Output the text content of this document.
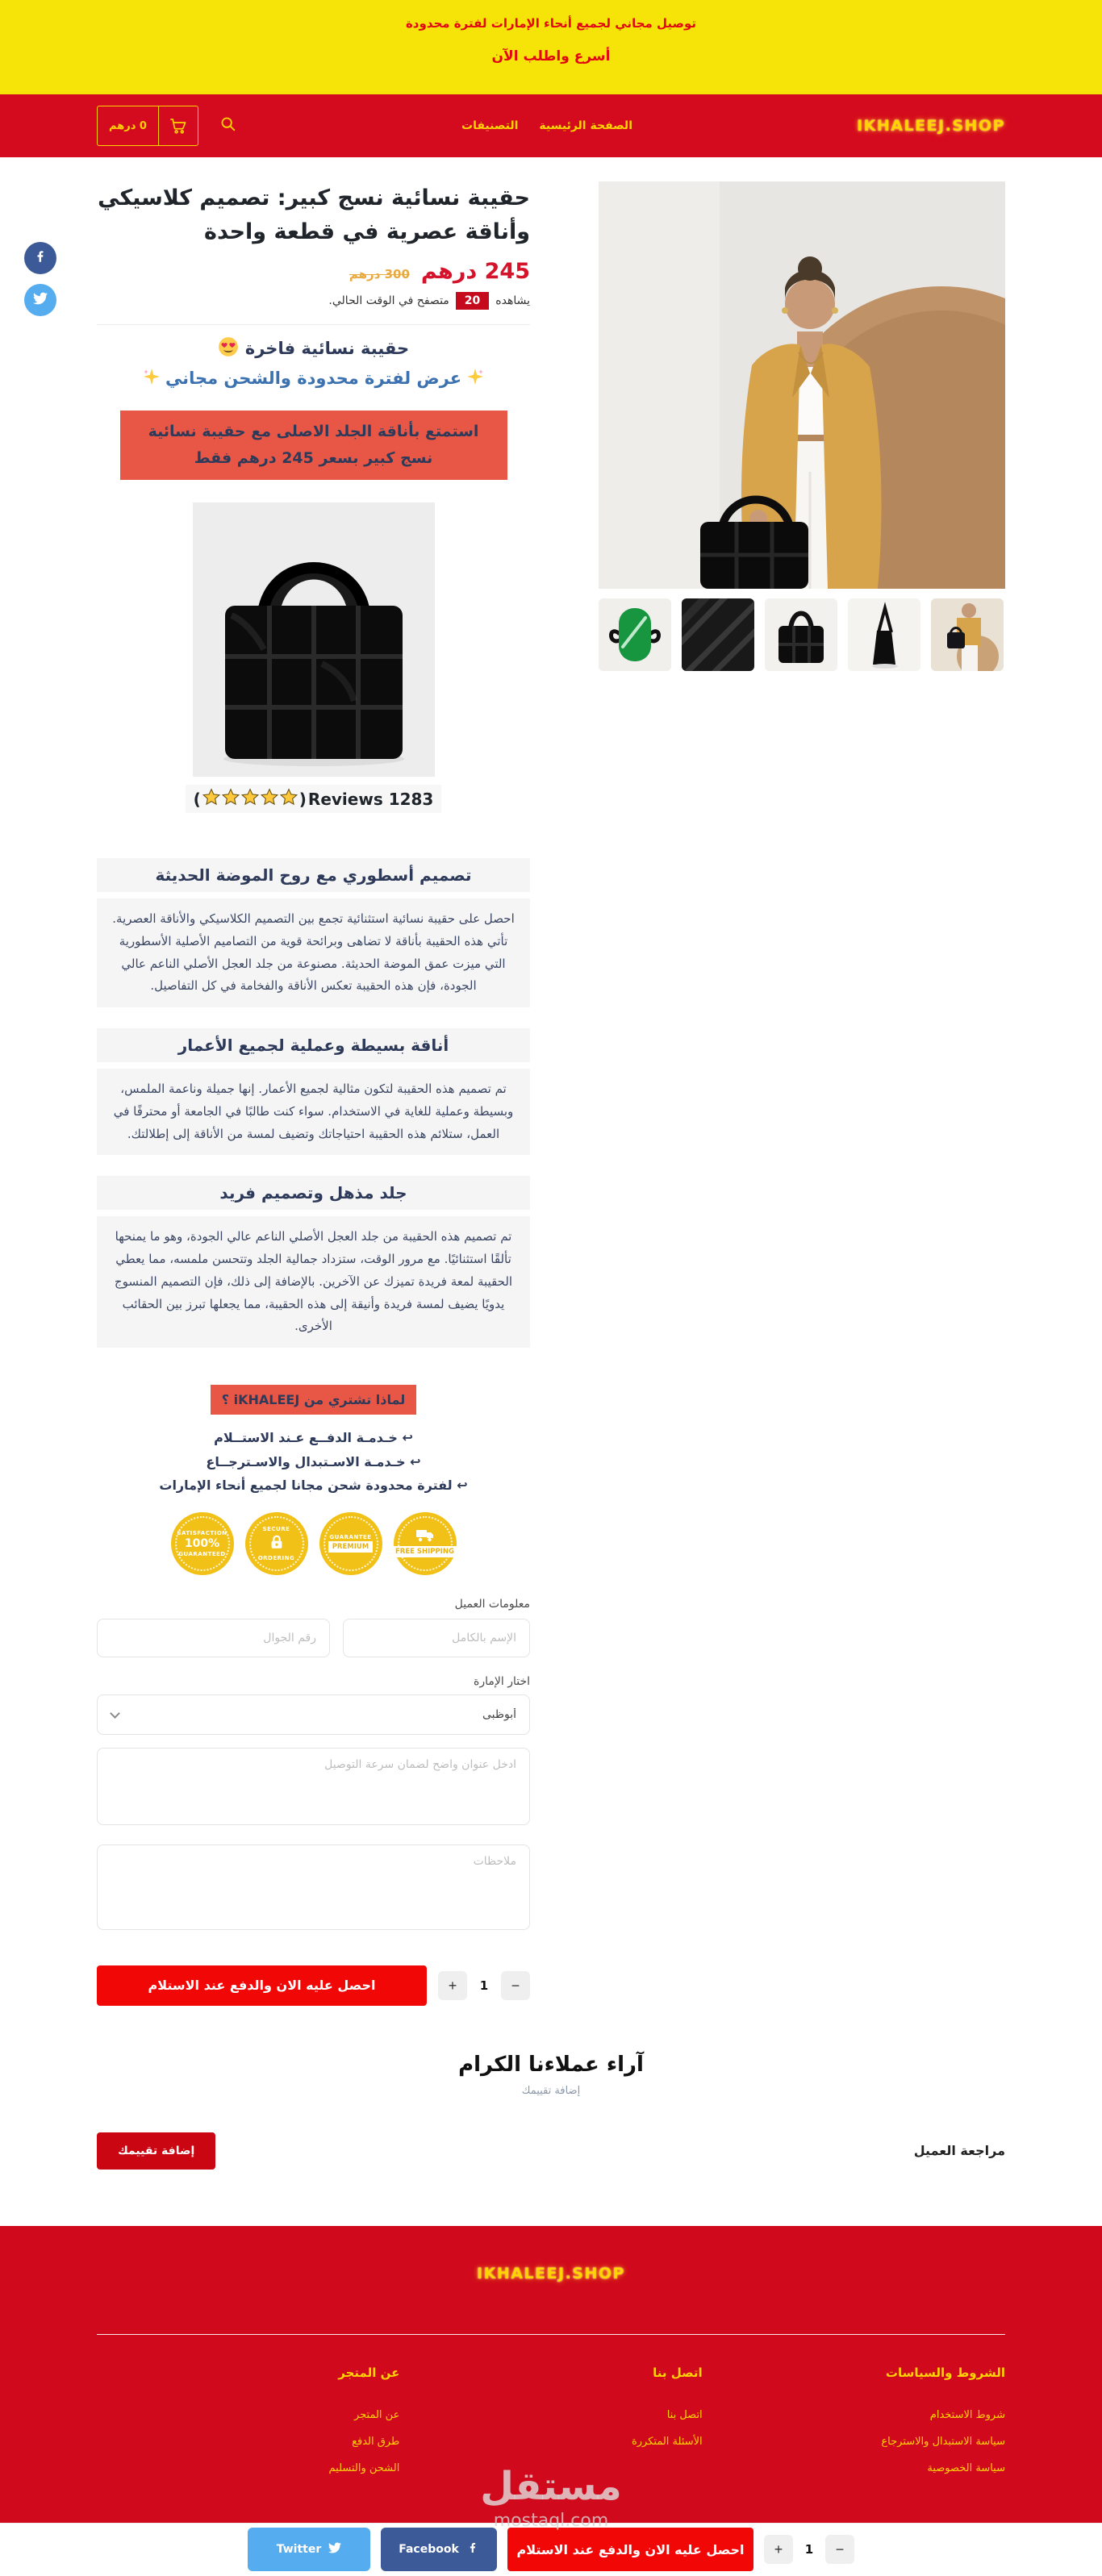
توصيل مجاني لجميع أنحاء الإمارات لفترة محدودة
أسرع واطلب الآن
IKHALEEJ.SHOP
الصفحة الرئيسية
التصنيفات
0 درهم
حقيبة نسائية نسج كبير: تصميم كلاسيكي وأناقة عصرية في قطعة واحدة
245 درهم
300 درهم
يشاهده
20
متصفح في الوقت الحالي.
حقيبة نسائية فاخرة
عرض لفترة محدودة والشحن مجاني
استمتع بأناقة الجلد الاصلى مع حقيبة نسائية نسج كبير بسعر 245 درهم فقط
(	) Reviews 1283
تصميم أسطوري مع روح الموضة الحديثة
احصل على حقيبة نسائية استثنائية تجمع بين التصميم الكلاسيكي والأناقة العصرية. تأتي هذه الحقيبة بأناقة لا تضاهى وبرائحة قوية من التصاميم الأصلية الأسطورية التي ميزت عمق الموضة الحديثة. مصنوعة من جلد العجل الأصلي الناعم عالي الجودة، فإن هذه الحقيبة تعكس الأناقة والفخامة في كل التفاصيل.
أناقة بسيطة وعملية لجميع الأعمار
تم تصميم هذه الحقيبة لتكون مثالية لجميع الأعمار. إنها جميلة وناعمة الملمس، وبسيطة وعملية للغاية في الاستخدام. سواء كنت طالبًا في الجامعة أو محترفًا في العمل، ستلائم هذه الحقيبة احتياجاتك وتضيف لمسة من الأناقة إلى إطلالتك.
جلد مذهل وتصميم فريد
تم تصميم هذه الحقيبة من جلد العجل الأصلي الناعم عالي الجودة، وهو ما يمنحها تألقًا استثنائيًا. مع مرور الوقت، ستزداد جمالية الجلد وتتحسن ملمسه، مما يعطي الحقيبة لمعة فريدة تميزك عن الآخرين. بالإضافة إلى ذلك، فإن التصميم المنسوج يدويًا يضيف لمسة فريدة وأنيقة إلى هذه الحقيبة، مما يجعلها تبرز بين الحقائب الأخرى.
لماذا تشتري من iKHALEEJ ؟
↩ خـدمـة الدفــع عـند الاستــلام
↩ خـدمـة الاسـتبدال والاسـترجــاع
↩ لفترة محدودة شحن مجانا لجميع أنحاء الإمارات
SATISFACTION
100%
GUARANTEED
SECURE
ORDERING
GUARANTEE
PREMIUM
FREE SHIPPING
معلومات العميل
الإسم بالكامل
رقم الجوال
اختار الإمارة
أبوظبى
ادخل عنوان واضح لضمان سرعة التوصيل ملاحظات
−
1
+
احصل عليه الان والدفع عند الاستلام
آراء عملاءنا الكرام
إضافة تقييمك
مراجعة العميل
إضافة تقييمك
IKHALEEJ.SHOP
الشروط والسياسات
شروط الاستخدام
سياسة الاستبدال والاسترجاع
سياسة الخصوصية
اتصل بنا
اتصل بنا
الأسئلة المتكررة
عن المتجر
عن المتجر
طرق الدفع
الشحن والتسليم
−
1
+
احصل عليه الان والدفع عند الاستلام
Facebook
Twitter
مستقل
mostaql.com
